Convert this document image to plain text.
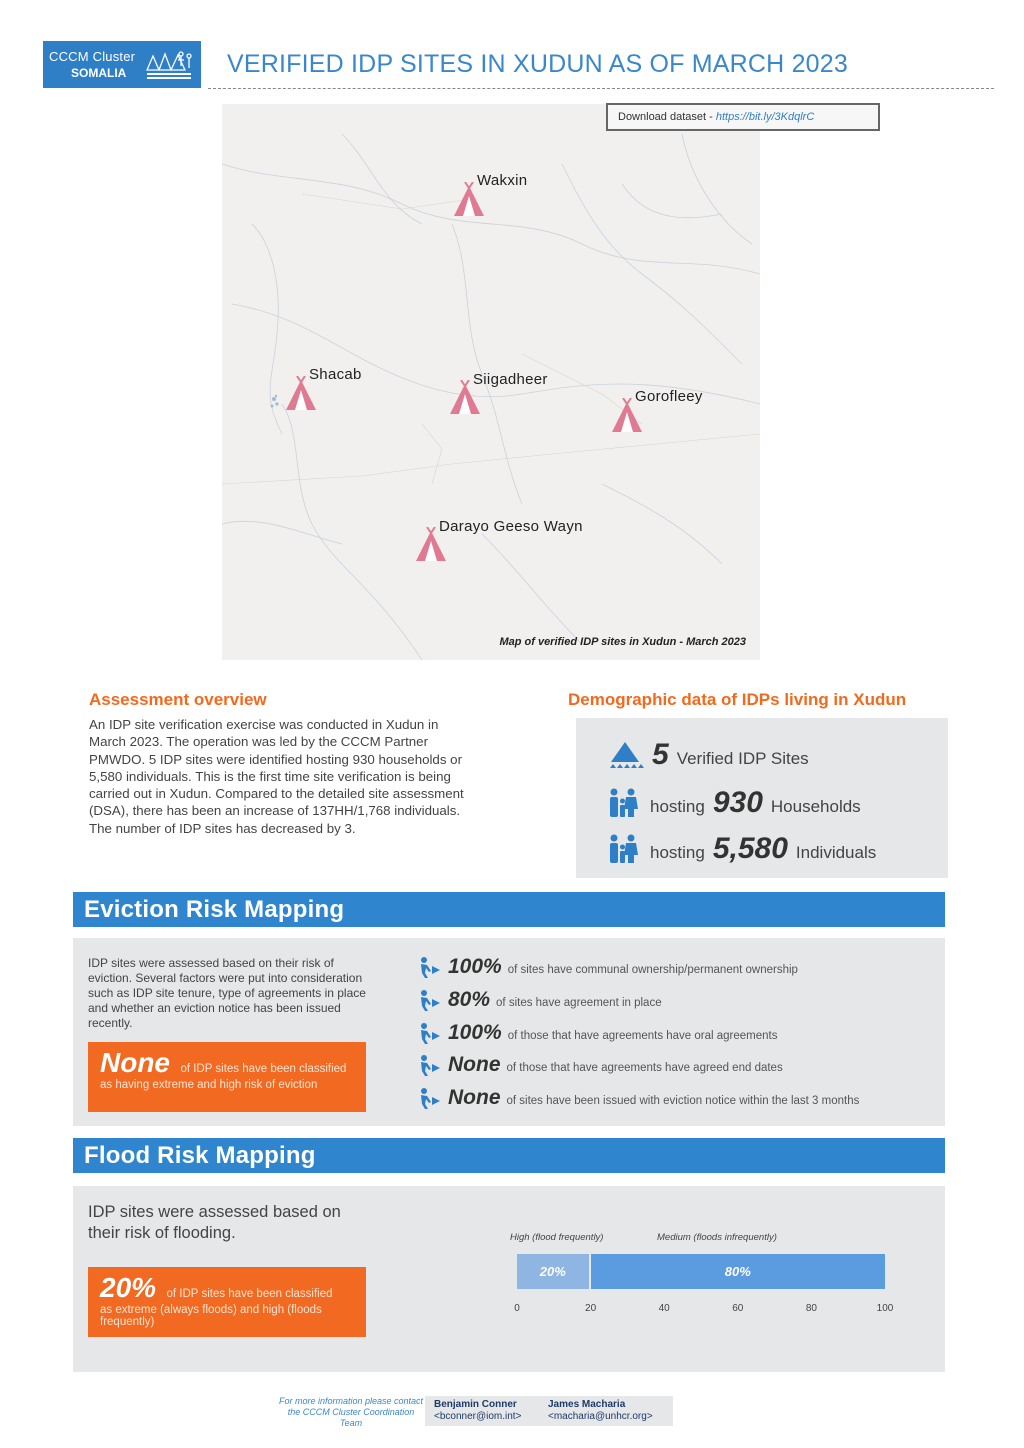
CCCM Cluster
SOMALIA	VERIFIED IDP SITES IN XUDUN AS OF MARCH 2023
Wakxin
Shacab	Siigadheer
Gorofleey
Darayo Geeso Wayn
Map of verified IDP sites in Xudun - March 2023
Download dataset - https://bit.ly/3KdqlrC
Assessment overview
An IDP site verification exercise was conducted in Xudun in March 2023. The operation was led by the CCCM Partner PMWDO. 5 IDP sites were identified hosting 930 households or 5,580 individuals. This is the first time site verification is being carried out in Xudun. Compared to the detailed site assessment (DSA), there has been an increase of 137HH/1,768 individuals. The number of IDP sites has decreased by 3.
Demographic data of IDPs living in Xudun
5 Verified IDP Sites
hosting 930 Households
hosting 5,580 Individuals
Eviction Risk Mapping
IDP sites were assessed based on their risk of eviction. Several factors were put into consideration such as IDP site tenure, type of agreements in place and whether an eviction notice has been issued recently.
None of IDP sites have been classified
as having extreme and high risk of eviction
100% of sites have communal ownership/permanent ownership
80% of sites have agreement in place
100% of those that have agreements have oral agreements
None of those that have agreements have agreed end dates
None of sites have been issued with eviction notice within the last 3 months
Flood Risk Mapping
IDP sites were assessed based on their risk of flooding.
20% of IDP sites have been classified
as extreme (always floods) and high (floods frequently)
20%
High (flood frequently)
80%
Medium (floods infrequently)
0	20	40	60	80	100
For more information please contact the CCCM Cluster Coordination Team
Benjamin Conner
<bconner@iom.int>
James Macharia
<macharia@unhcr.org>
